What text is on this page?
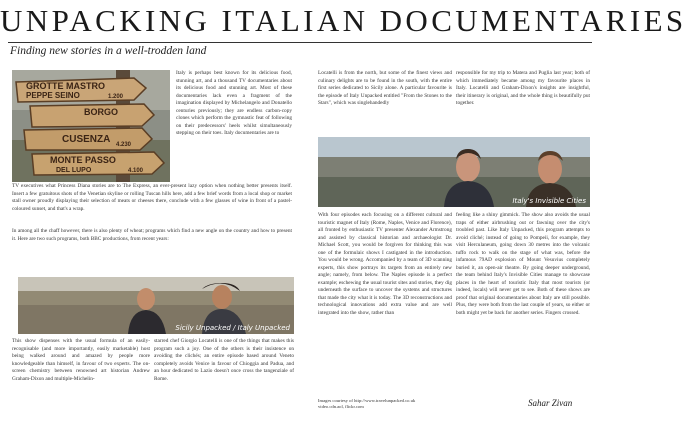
UNPACKING ITALIAN DOCUMENTARIES
Finding new stories in a well-trodden land
GROTTE MASTRO
PEPPE SEINO	1.200
BORGO
CUSENZA 4.230
MONTE PASSO
DEL LUPO	4.100
Italy is perhaps best known for its delicious food, stunning art, and a thousand TV documentaries about its delicious food and stunning art. Most of these documentaries lack even a fragment of the imagination displayed by Michelangelo and Donatello centuries previously; they are endless carbon-copy clones which perform the gymnastic feat of following on their predecessors' heels whilst simultaneously stepping on their toes. Italy documentaries are to
TV executives what Princess Diana stories are to The Express, an ever-present lazy option when nothing better presents itself. Insert a few gratuitous shots of the Venetian skyline or rolling Tuscan hills here, add a few brief words from a local shop or market stall owner proudly displaying their selection of meats or cheeses there, conclude with a few glasses of wine in front of a pastel-coloured sunset, and that's a wrap.
In among all the chaff however, there is also plenty of wheat; programs which find a new angle on the country and how to present it. Here are two such programs, both BBC productions, from recent years:
Sicily Unpacked / Italy Unpacked
This show dispenses with the usual formula of an easily-recognisable (and more importantly, easily marketable) host being walked around and amazed by people more knowledgeable than himself, in favour of two experts. The on-screen chemistry between renowned art historian Andrew Graham-Dixon and multiple-Michelin-
starred chef Giorgio Locatelli is one of the things that makes this program such a joy. One of the others is their insistence on avoiding the clichés; an entire episode based around Veneto completely avoids Venice in favour of Chioggia and Padua, and an hour dedicated to Lazio doesn't once cross the tangenziale of Rome.
Locatelli is from the north, but some of the finest views and culinary delights are to be found in the south, with the entire first series dedicated to Sicily alone. A particular favourite is the episode of Italy Unpacked entitled "From the Stones to the Stars", which was singlehandedly
responsible for my trip to Matera and Puglia last year; both of which immediately became among my favourite places in Italy. Locatelli and Graham-Dixon's insights are insightful, their itinerary is original, and the whole thing is beautifully put together.
Italy's Invisible Cities
With four episodes each focusing on a different cultural and touristic magnet of Italy (Rome, Naples, Venice and Florence), all fronted by enthusiastic TV presenter Alexander Armstrong and assisted by classical historian and archaeologist Dr. Michael Scott, you would be forgiven for thinking this was one of the formulaic shows I castigated in the introduction. You would be wrong. Accompanied by a team of 3D scanning experts, this show portrays its targets from an entirely new angle; namely, from below. The Naples episode is a perfect example; eschewing the usual tourist sites and stories, they dig underneath the surface to uncover the systems and structures that made the city what it is today. The 3D reconstructions and technological innovations add extra value and are well integrated into the show, rather than
feeling like a shiny gimmick. The show also avoids the usual traps of either airbrushing out or fawning over the city's troubled past. Like Italy Unpacked, this program attempts to avoid cliché; instead of going to Pompeii, for example, they visit Herculaneum, going down 30 metres into the volcanic tuffo rock to walk on the stage of what was, before the infamous 79AD explosion of Mount Vesuvius completely buried it, an open-air theatre. By going deeper underground, the team behind Italy's Invisible Cities manage to showcase places in the heart of touristic Italy that most tourists (or indeed, locals) will never get to see. Both of these shows are proof that original documentaries about Italy are still possible. Plus, they were both from the last couple of years, so either or both might yet be back for another series. Fingers crossed.
Images courtesy of http://www.travelunpacked.co.uk video.cdn.aol, flickr.com	Sahar Zivan
